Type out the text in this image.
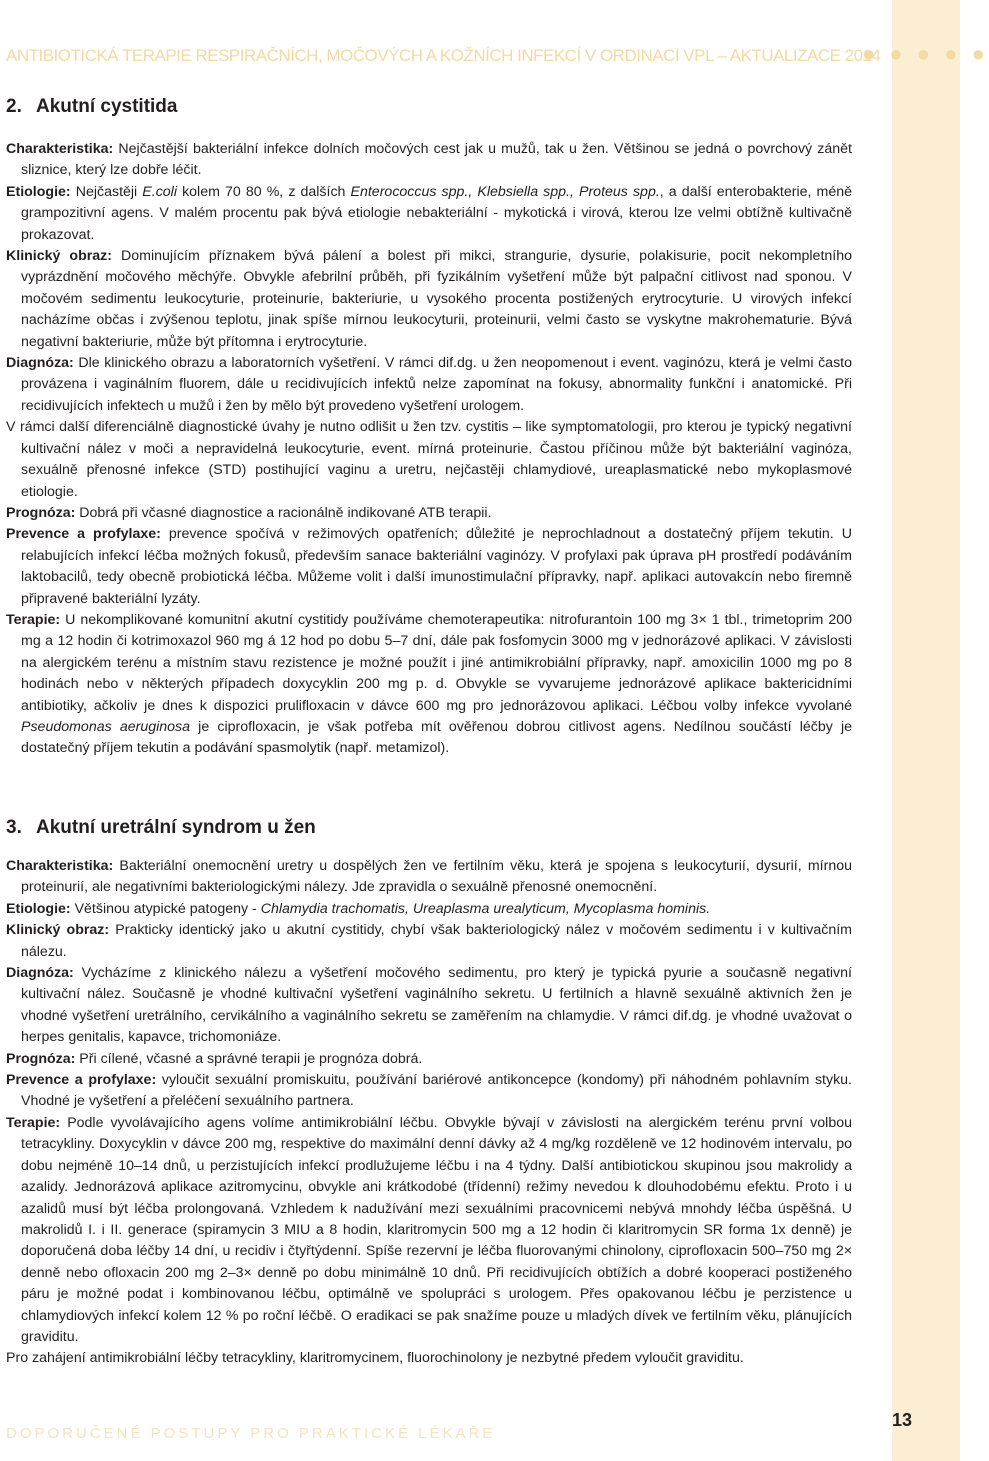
ANTIBIOTICKÁ TERAPIE RESPIRAČNÍCH, MOČOVÝCH A KOŽNÍCH INFEKCÍ V ORDINACI VPL – AKTUALIZACE 2014
● ● ● ● ●
2. Akutní cystitida

Charakteristika: Nejčastější bakteriální infekce dolních močových cest jak u mužů, tak u žen. Většinou se jedná o povrchový zánět sliznice, který lze dobře léčit.

Etiologie: Nejčastěji E.coli kolem 70 80 %, z dalších Enterococcus spp., Klebsiella spp., Proteus spp., a další enterobakterie, méně grampozitivní agens. V malém procentu pak bývá etiologie nebakteriální - mykotická i virová, kterou lze velmi obtížně kultivačně prokazovat.

Klinický obraz: Dominujícím příznakem bývá pálení a bolest při mikci, strangurie, dysurie, polakisurie, pocit nekompletního vyprázdnění močového měchýře. Obvykle afebrilní průběh, při fyzikálním vyšetření může být palpační citlivost nad sponou. V močovém sedimentu leukocyturie, proteinurie, bakteriurie, u vysokého procenta postižených erytrocyturie. U virových infekcí nacházíme občas i zvýšenou teplotu, jinak spíše mírnou leukocyturii, proteinurii, velmi často se vyskytne makrohematurie. Bývá negativní bakteriurie, může být přítomna i erytrocyturie.

Diagnóza: Dle klinického obrazu a laboratorních vyšetření. V rámci dif.dg. u žen neopomenout i event. vaginózu, která je velmi často provázena i vaginálním fluorem, dále u recidivujících infektů nelze zapomínat na fokusy, abnormality funkční i anatomické. Při recidivujících infektech u mužů i žen by mělo být provedeno vyšetření urologem.

V rámci další diferenciálně diagnostické úvahy je nutno odlišit u žen tzv. cystitis – like symptomatologii, pro kterou je typický negativní kultivační nález v moči a nepravidelná leukocyturie, event. mírná proteinurie. Častou příčinou může být bakteriální vaginóza, sexuálně přenosné infekce (STD) postihující vaginu a uretru, nejčastěji chlamydiové, ureaplasmatické nebo mykoplasmové etiologie.

Prognóza: Dobrá při včasné diagnostice a racionálně indikované ATB terapii.

Prevence a profylaxe: prevence spočívá v režimových opatřeních; důležité je neprochladnout a dostatečný příjem tekutin. U relabujících infekcí léčba možných fokusů, především sanace bakteriální vaginózy. V profylaxi pak úprava pH prostředí podáváním laktobacilů, tedy obecně probiotická léčba. Můžeme volit i další imunostimulační přípravky, např. aplikaci autovakcín nebo firemně připravené bakteriální lyzáty.

Terapie: U nekomplikované komunitní akutní cystitidy používáme chemoterapeutika: nitrofurantoin 100 mg 3× 1 tbl., trimetoprim 200 mg a 12 hodin či kotrimoxazol 960 mg á 12 hod po dobu 5–7 dní, dále pak fosfomycin 3000 mg v jednorázové aplikaci. V závislosti na alergickém terénu a místním stavu rezistence je možné použít i jiné antimikrobiální přípravky, např. amoxicilin 1000 mg po 8 hodinách nebo v některých případech doxycyklin 200 mg p. d. Obvykle se vyvarujeme jednorázové aplikace baktericidními antibiotiky, ačkoliv je dnes k dispozici prulifloxacin v dávce 600 mg pro jednorázovou aplikaci. Léčbou volby infekce vyvolané Pseudomonas aeruginosa je ciprofloxacin, je však potřeba mít ověřenou dobrou citlivost agens. Nedílnou součástí léčby je dostatečný příjem tekutin a podávání spasmolytik (např. metamizol).

3. Akutní uretrální syndrom u žen

Charakteristika: Bakteriální onemocnění uretry u dospělých žen ve fertilním věku, která je spojena s leukocyturií, dysurií, mírnou proteinurií, ale negativními bakteriologickými nálezy. Jde zpravidla o sexuálně přenosné onemocnění.

Etiologie: Většinou atypické patogeny - Chlamydia trachomatis, Ureaplasma urealyticum, Mycoplasma hominis.

Klinický obraz: Prakticky identický jako u akutní cystitidy, chybí však bakteriologický nález v močovém sedimentu i v kultivačním nálezu.

Diagnóza: Vycházíme z klinického nálezu a vyšetření močového sedimentu, pro který je typická pyurie a současně negativní kultivační nález. Současně je vhodné kultivační vyšetření vaginálního sekretu. U fertilních a hlavně sexuálně aktivních žen je vhodné vyšetření uretrálního, cervikálního a vaginálního sekretu se zaměřením na chlamydie. V rámci dif.dg. je vhodné uvažovat o herpes genitalis, kapavce, trichomoniáze.

Prognóza: Při cílené, včasné a správné terapii je prognóza dobrá.

Prevence a profylaxe: vyloučit sexuální promiskuitu, používání bariérové antikoncepce (kondomy) při náhodném pohlavním styku. Vhodné je vyšetření a přeléčení sexuálního partnera.

Terapie: Podle vyvolávajícího agens volíme antimikrobiální léčbu. Obvykle bývají v závislosti na alergickém terénu první volbou tetracykliny. Doxycyklin v dávce 200 mg, respektive do maximální denní dávky až 4 mg/kg rozděleně ve 12 hodinovém intervalu, po dobu nejméně 10–14 dnů, u perzistujících infekcí prodlužujeme léčbu i na 4 týdny. Další antibiotickou skupinou jsou makrolidy a azalidy. Jednorázová aplikace azitromycinu, obvykle ani krátkodobé (třídenní) režimy nevedou k dlouhodobému efektu. Proto i u azalidů musí být léčba prolongovaná. Vzhledem k nadužívání mezi sexuálními pracovnicemi nebývá mnohdy léčba úspěšná. U makrolidů I. i II. generace (spiramycin 3 MIU a 8 hodin, klaritromycin 500 mg a 12 hodin či klaritromycin SR forma 1x denně) je doporučená doba léčby 14 dní, u recidiv i čtyřtýdenní. Spíše rezervní je léčba fluorovanými chinolony, ciprofloxacin 500–750 mg 2× denně nebo ofloxacin 200 mg 2–3× denně po dobu minimálně 10 dnů. Při recidivujících obtížích a dobré kooperaci postiženého páru je možné podat i kombinovanou léčbu, optimálně ve spolupráci s urologem. Přes opakovanou léčbu je perzistence u chlamydiových infekcí kolem 12 % po roční léčbě. O eradikaci se pak snažíme pouze u mladých dívek ve fertilním věku, plánujících graviditu.

Pro zahájení antimikrobiální léčby tetracykliny, klaritromycinem, fluorochinolony je nezbytné předem vyloučit graviditu.

DOPORUČENÉ POSTUPY PRO PRAKTICKÉ LÉKAŘE
13
